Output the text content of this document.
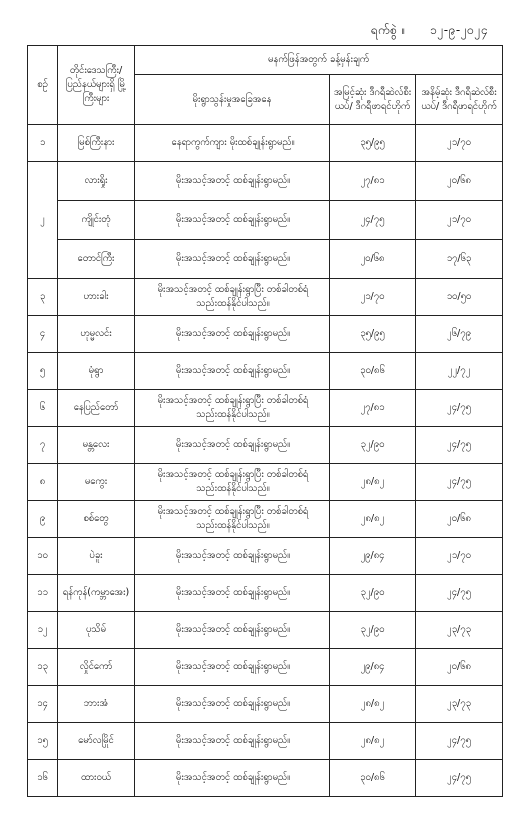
ရက်စွဲ ။ ၁၂-၉-၂၀၂၄
စဉ်	တိုင်းဒေသကြီး/ ပြည်နယ်များရှိ မြို့ကြီးများ	မနက်ဖြန်အတွက် ခန့်မှန်းချက်		
		မိုးရွာသွန်းမှုအခြေအနေ	အမြင့်ဆုံး ဒီဂရီဆဲလ်စီးယပ်/ ဒီဂရီဖာရင်ဟိုက်	အနိမ့်ဆုံး ဒီဂရီဆဲလ်စီးယပ်/ ဒီဂရီဖာရင်ဟိုက်
၁	မြစ်ကြီးနား	နေရာကွက်ကျား မိုးထစ်ချုန်းရွာမည်။	၃၅/၉၅	၂၁/၇၀
၂	လားရှိုး	မိုးအသင့်အတင့် ထစ်ချုန်းရွာမည်။	၂၇/၈၁	၂၀/၆၈
	ကျိုင်းတုံ	မိုးအသင့်အတင့် ထစ်ချုန်းရွာမည်။	၂၄/၇၅	၂၁/၇၀
	တောင်ကြီး	မိုးအသင့်အတင့် ထစ်ချုန်းရွာမည်။	၂၀/၆၈	၁၇/၆၃
၃	ဟားခါး	မိုးအသင့်အတင့် ထစ်ချုန်းရွာပြီး တစ်ခါတစ်ရံ သည်းထန်နိုင်ပါသည်။	၂၁/၇၀	၁၀/၅၀
၄	ဟုမ္မလင်း	မိုးအသင့်အတင့် ထစ်ချုန်းရွာမည်။	၃၅/၉၅	၂၆/၇၉
၅	မုံရွာ	မိုးအသင့်အတင့် ထစ်ချုန်းရွာမည်။	၃၀/၈၆	၂၂/၇၂
၆	နေပြည်တော်	မိုးအသင့်အတင့် ထစ်ချုန်းရွာပြီး တစ်ခါတစ်ရံ သည်းထန်နိုင်ပါသည်။	၂၇/၈၁	၂၄/၇၅
၇	မန္တလေး	မိုးအသင့်အတင့် ထစ်ချုန်းရွာမည်။	၃၂/၉၀	၂၄/၇၅
၈	မကွေး	မိုးအသင့်အတင့် ထစ်ချုန်းရွာပြီး တစ်ခါတစ်ရံ သည်းထန်နိုင်ပါသည်။	၂၈/၈၂	၂၄/၇၅
၉	စစ်တွေ	မိုးအသင့်အတင့် ထစ်ချုန်းရွာပြီး တစ်ခါတစ်ရံ သည်းထန်နိုင်ပါသည်။	၂၈/၈၂	၂၀/၆၈
၁၀	ပဲခူး	မိုးအသင့်အတင့် ထစ်ချုန်းရွာမည်။	၂၉/၈၄	၂၁/၇၀
၁၁	ရန်ကုန်(ကမ္ဘာအေး)	မိုးအသင့်အတင့် ထစ်ချုန်းရွာမည်။	၃၂/၉၀	၂၄/၇၅
၁၂	ပုသိမ်	မိုးအသင့်အတင့် ထစ်ချုန်းရွာမည်။	၃၂/၉၀	၂၃/၇၃
၁၃	လှိုင်ကော်	မိုးအသင့်အတင့် ထစ်ချုန်းရွာမည်။	၂၉/၈၄	၂၀/၆၈
၁၄	ဘားအံ	မိုးအသင့်အတင့် ထစ်ချုန်းရွာမည်။	၂၈/၈၂	၂၃/၇၃
၁၅	မော်လမြိုင်	မိုးအသင့်အတင့် ထစ်ချုန်းရွာမည်။	၂၈/၈၂	၂၄/၇၅
၁၆	ထားဝယ်	မိုးအသင့်အတင့် ထစ်ချုန်းရွာမည်။	၃၀/၈၆	၂၄/၇၅
